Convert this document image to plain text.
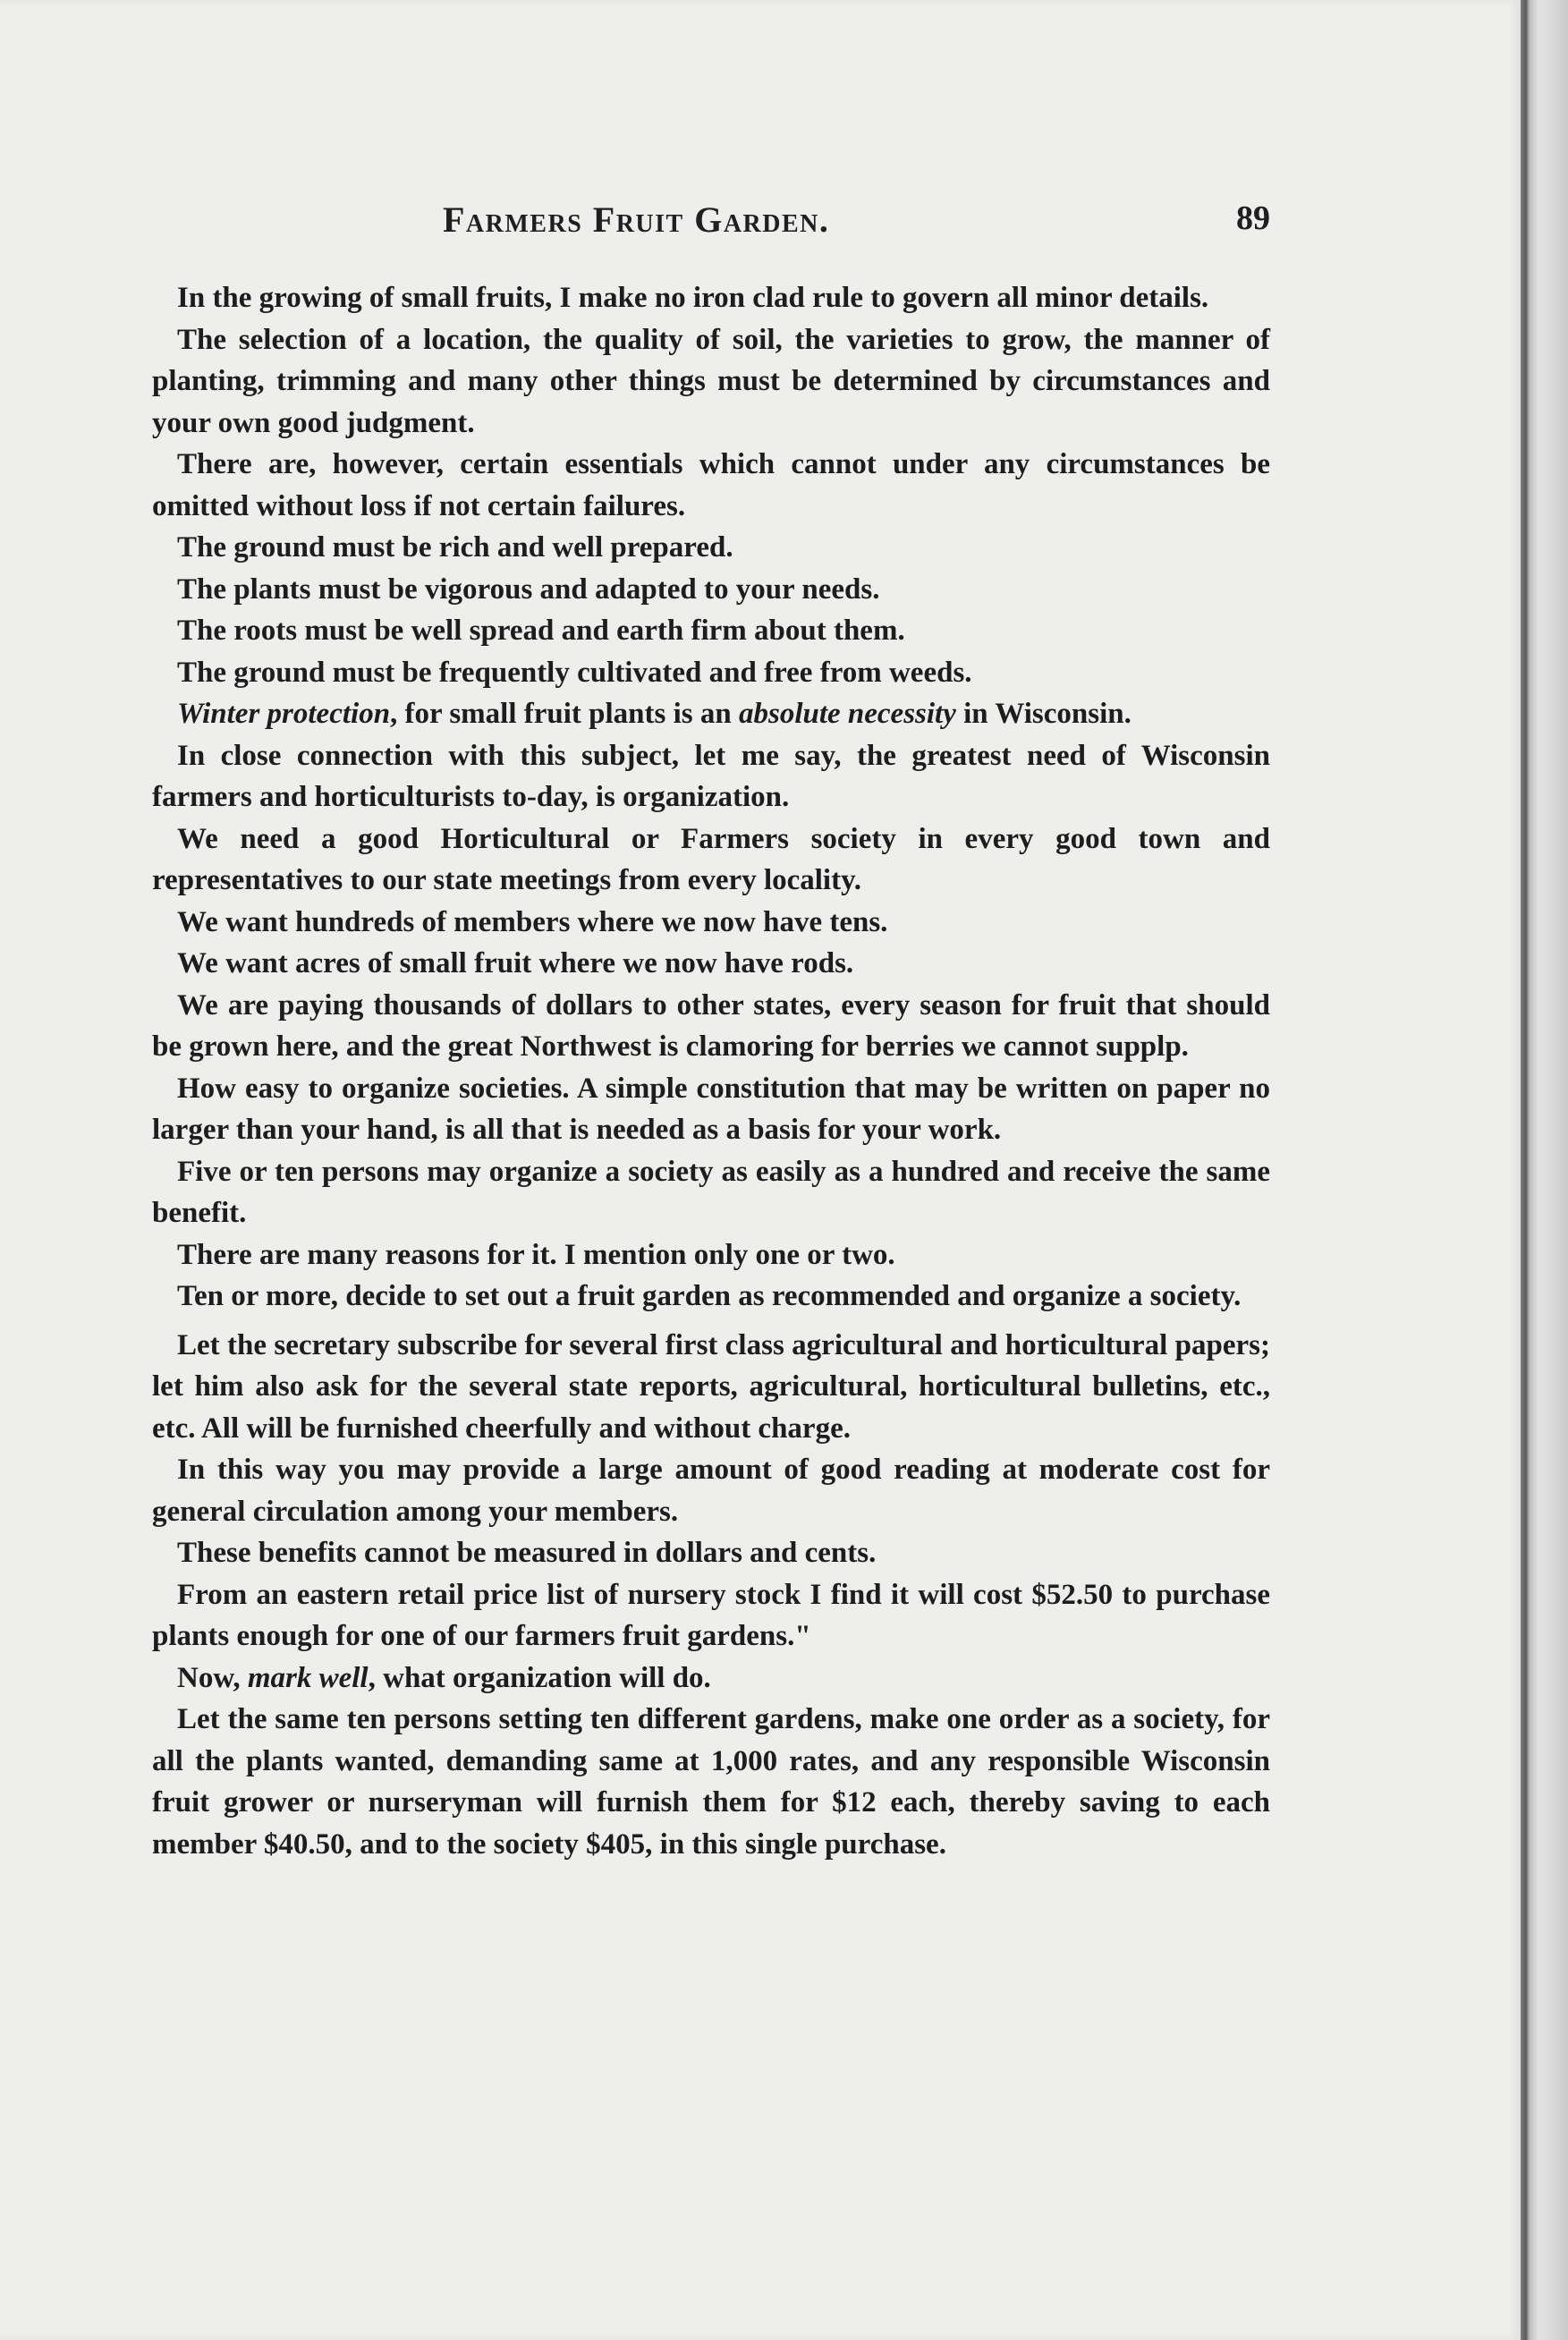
Farmers Fruit Garden.	89

In the growing of small fruits, I make no iron clad rule to govern all minor details.

The selection of a location, the quality of soil, the varieties to grow, the manner of planting, trimming and many other things must be determined by circumstances and your own good judgment.

There are, however, certain essentials which cannot under any circumstances be omitted without loss if not certain failures.

The ground must be rich and well prepared.

The plants must be vigorous and adapted to your needs.

The roots must be well spread and earth firm about them.

The ground must be frequently cultivated and free from weeds.

Winter protection, for small fruit plants is an absolute necessity in Wisconsin.

In close connection with this subject, let me say, the greatest need of Wisconsin farmers and horticulturists to-day, is organization.

We need a good Horticultural or Farmers society in every good town and representatives to our state meetings from every locality.

We want hundreds of members where we now have tens.

We want acres of small fruit where we now have rods.

We are paying thousands of dollars to other states, every season for fruit that should be grown here, and the great Northwest is clamoring for berries we cannot supplp.

How easy to organize societies. A simple constitution that may be written on paper no larger than your hand, is all that is needed as a basis for your work.

Five or ten persons may organize a society as easily as a hundred and receive the same benefit.

There are many reasons for it. I mention only one or two.

Ten or more, decide to set out a fruit garden as recommended and organize a society.

Let the secretary subscribe for several first class agricultural and horticultural papers; let him also ask for the several state reports, agricultural, horticultural bulletins, etc., etc. All will be furnished cheerfully and without charge.

In this way you may provide a large amount of good reading at moderate cost for general circulation among your members.

These benefits cannot be measured in dollars and cents.

From an eastern retail price list of nursery stock I find it will cost $52.50 to purchase plants enough for one of our farmers fruit gardens."

Now, mark well, what organization will do.

Let the same ten persons setting ten different gardens, make one order as a society, for all the plants wanted, demanding same at 1,000 rates, and any responsible Wisconsin fruit grower or nurseryman will furnish them for $12 each, thereby saving to each member $40.50, and to the society $405, in this single purchase.
